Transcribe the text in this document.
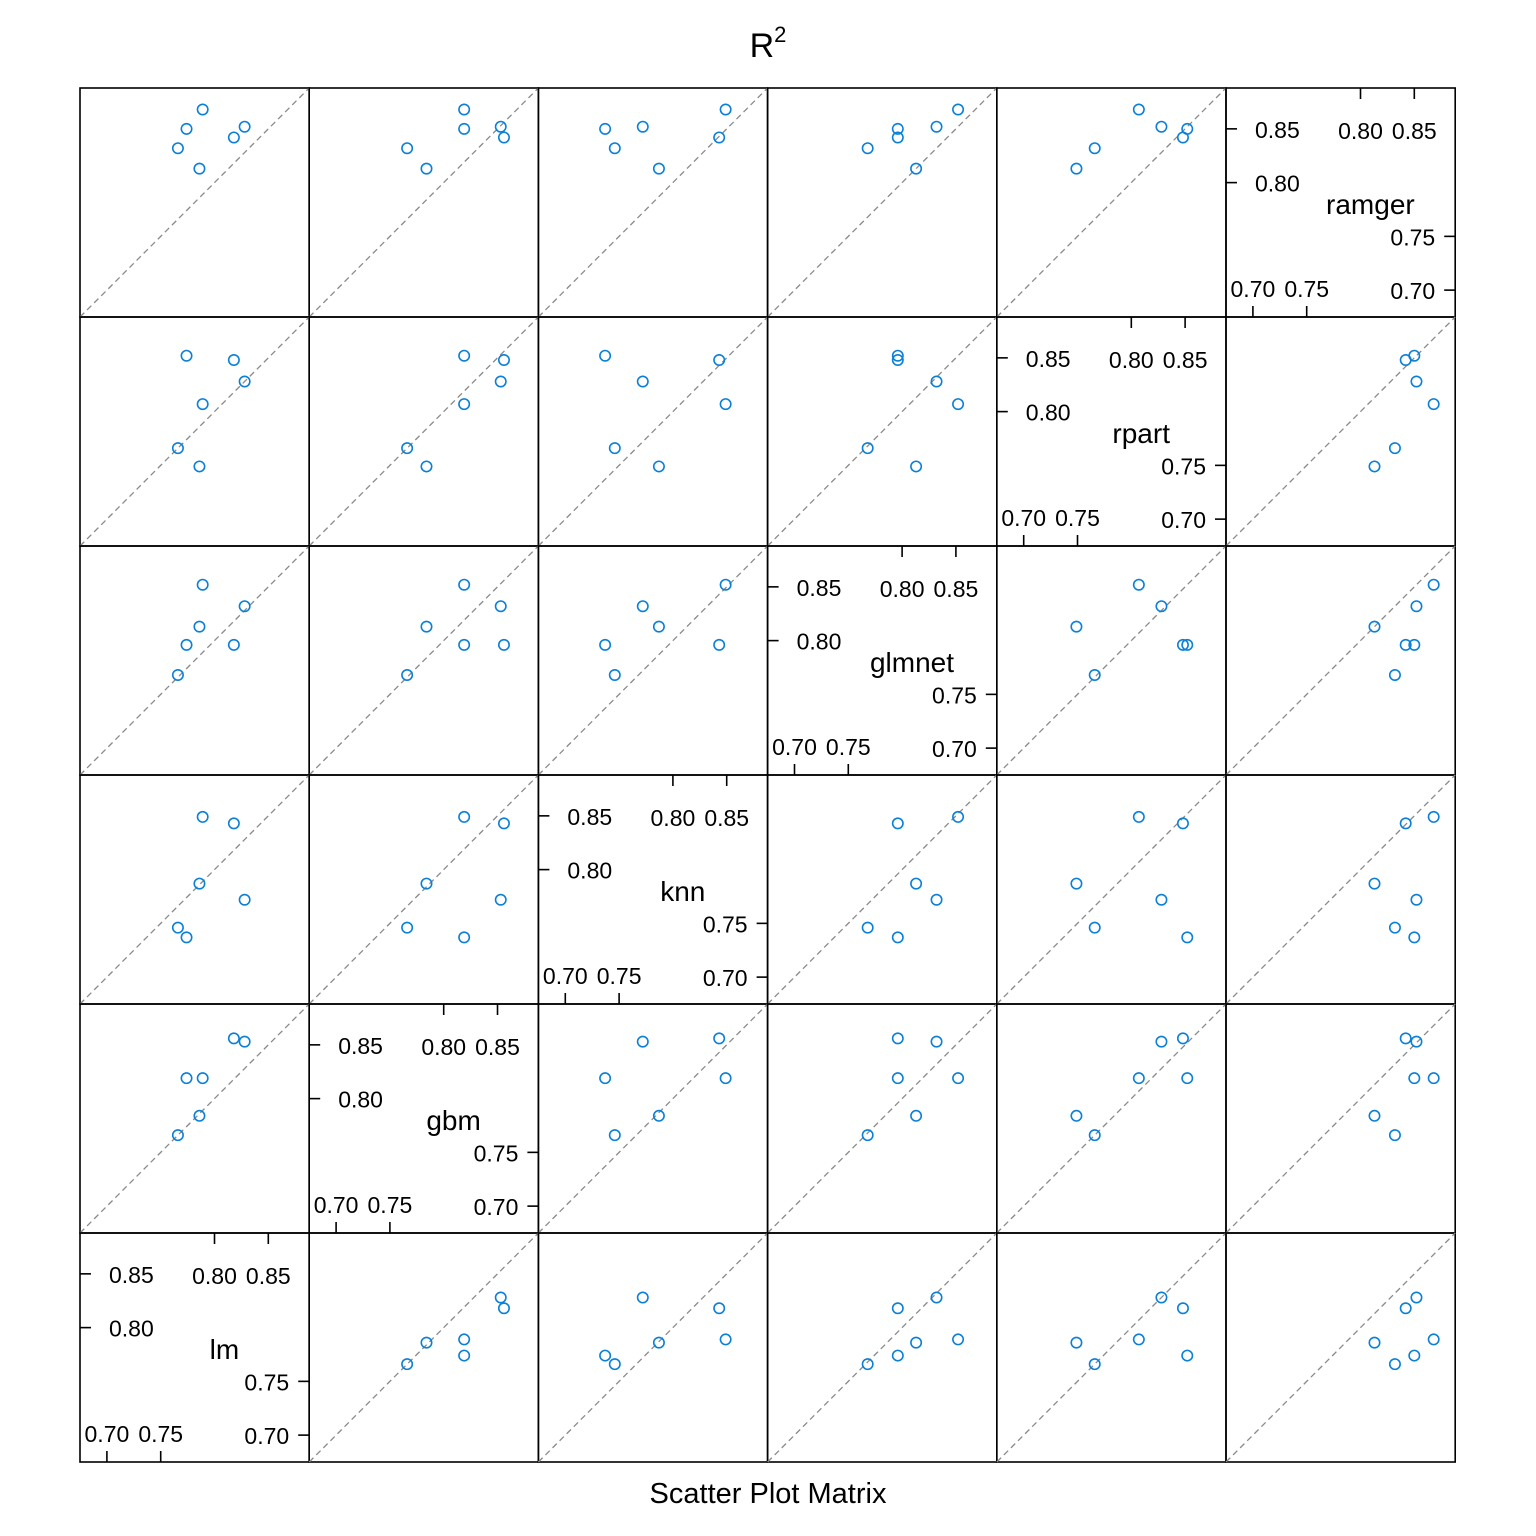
$R^2$
ramger
0.80
0.85
0.70
0.75
0.70 0.75
0.80 0.85
rpart
0.80
0.85
0.70
0.75
0.70 0.75
0.80 0.85
glmnet
0.80
0.85
0.70
0.75
0.70 0.75
0.80 0.85
knn
0.80
0.85
0.70
0.75
0.70 0.75
0.80 0.85
gbm
0.80
0.85
0.70
0.75
0.70 0.75
0.80 0.85
lm
0.80
0.85
0.70
0.75
0.70 0.75
0.80 0.85
Scatter Plot Matrix
